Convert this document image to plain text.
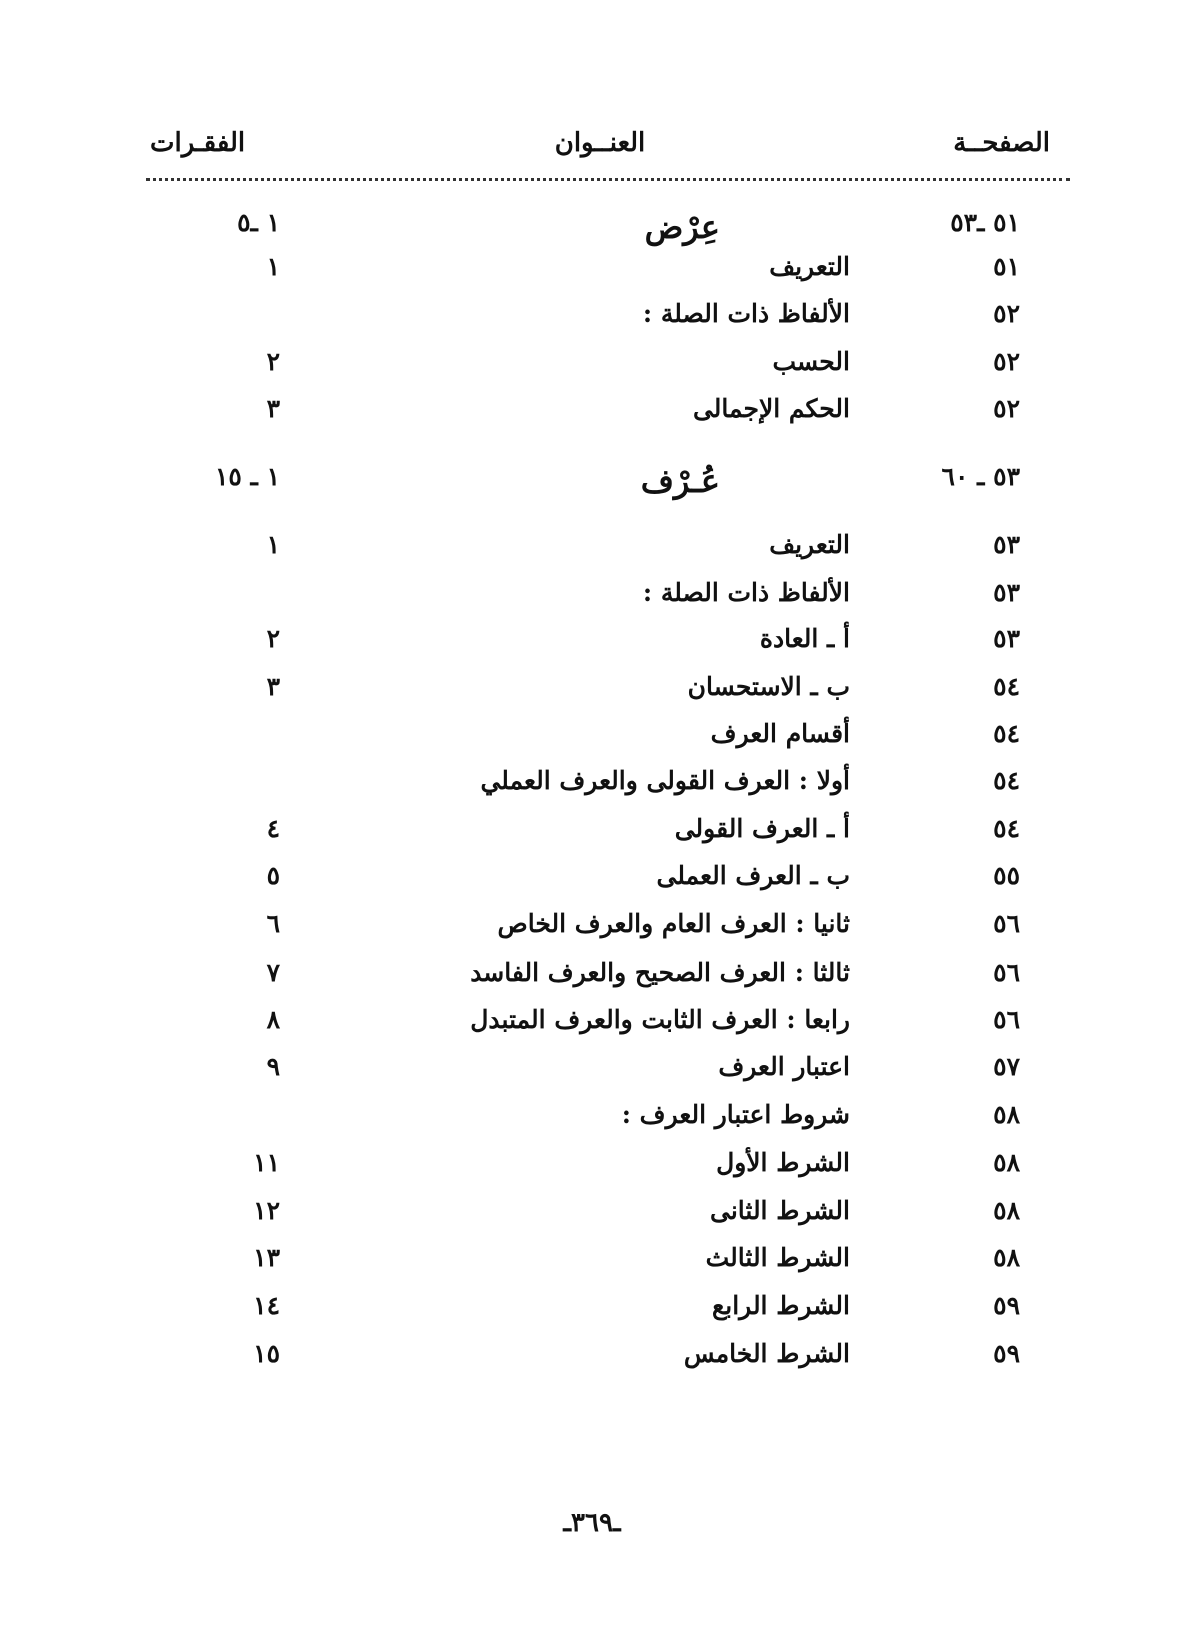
الصفحــة
العنــوان
الفقـرات
٥١ ـ٥٣
عِرْض
١ ـ٥
٥١
التعريف
١
٥٢
الألفاظ ذات الصلة :
٥٢
الحسب
٢
٥٢
الحكم الإجمالى
٣
٥٣ ـ ٦٠
عُـرْف
١ ـ ١٥
٥٣
التعريف
١
٥٣
الألفاظ ذات الصلة :
٥٣
أ ـ العادة
٢
٥٤
ب ـ الاستحسان
٣
٥٤
أقسام العرف
٥٤
أولا : العرف القولى والعرف العملي
٥٤
أ ـ العرف القولى
٤
٥٥
ب ـ العرف العملى
٥
٥٦
ثانيا : العرف العام والعرف الخاص
٦
٥٦
ثالثا : العرف الصحيح والعرف الفاسد
٧
٥٦
رابعا : العرف الثابت والعرف المتبدل
٨
٥٧
اعتبار العرف
٩
٥٨
شروط اعتبار العرف :
٥٨
الشرط الأول
١١
٥٨
الشرط الثانى
١٢
٥٨
الشرط الثالث
١٣
٥٩
الشرط الرابع
١٤
٥٩
الشرط الخامس
١٥
ـ٣٦٩ـ
